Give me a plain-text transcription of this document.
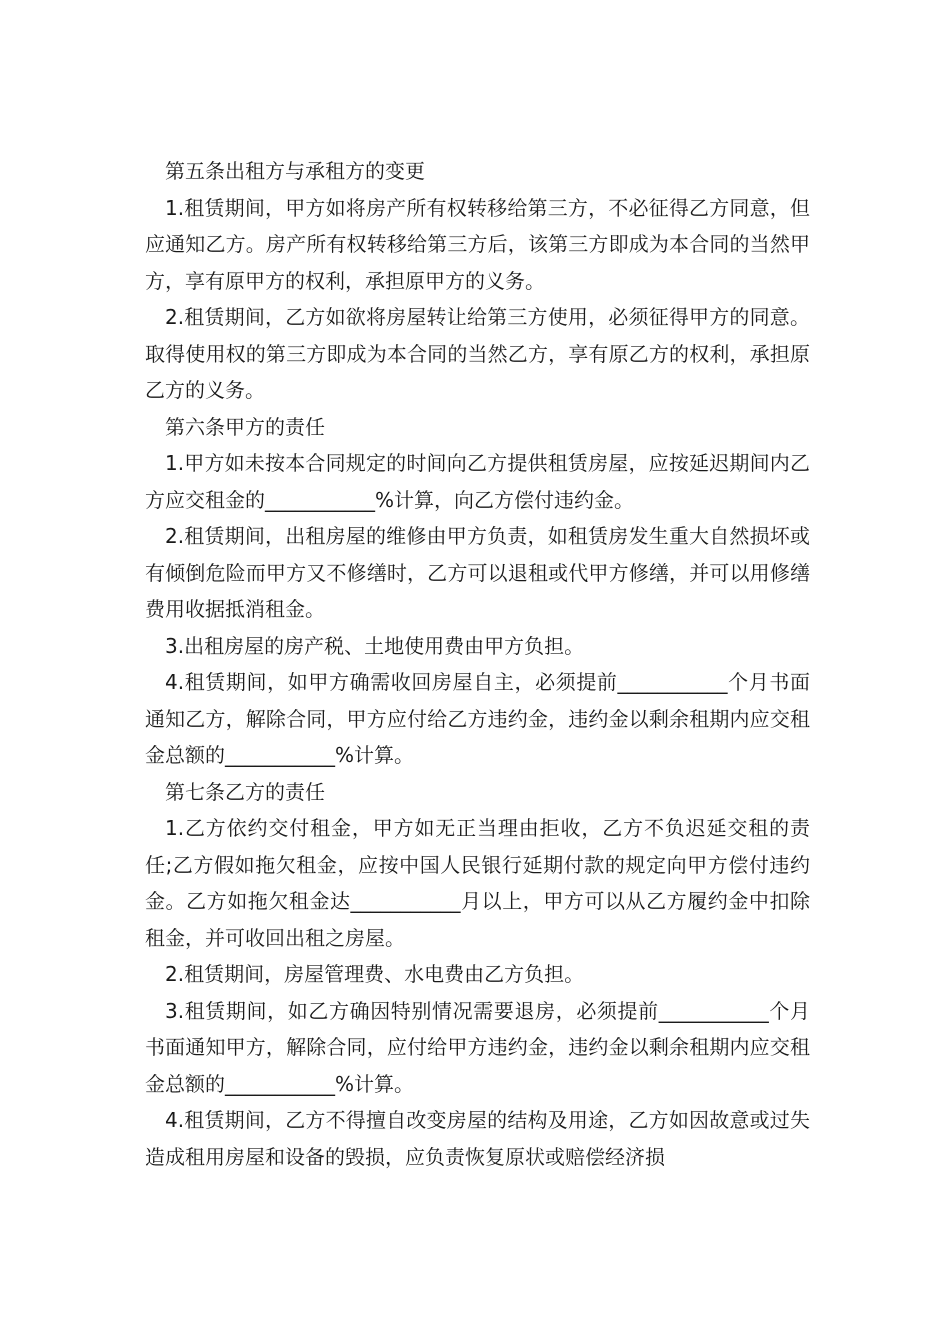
第五条出租方与承租方的变更

1.租赁期间，甲方如将房产所有权转移给第三方，不必征得乙方同意，但应通知乙方。房产所有权转移给第三方后，该第三方即成为本合同的当然甲方，享有原甲方的权利，承担原甲方的义务。

2.租赁期间，乙方如欲将房屋转让给第三方使用，必须征得甲方的同意。取得使用权的第三方即成为本合同的当然乙方，享有原乙方的权利，承担原乙方的义务。

第六条甲方的责任

1.甲方如未按本合同规定的时间向乙方提供租赁房屋，应按延迟期间内乙方应交租金的___________%计算，向乙方偿付违约金。

2.租赁期间，出租房屋的维修由甲方负责，如租赁房发生重大自然损坏或有倾倒危险而甲方又不修缮时，乙方可以退租或代甲方修缮，并可以用修缮费用收据抵消租金。

3.出租房屋的房产税、土地使用费由甲方负担。

4.租赁期间，如甲方确需收回房屋自主，必须提前___________个月书面通知乙方，解除合同，甲方应付给乙方违约金，违约金以剩余租期内应交租金总额的___________%计算。

第七条乙方的责任

1.乙方依约交付租金，甲方如无正当理由拒收，乙方不负迟延交租的责任;乙方假如拖欠租金，应按中国人民银行延期付款的规定向甲方偿付违约金。乙方如拖欠租金达___________月以上，甲方可以从乙方履约金中扣除租金，并可收回出租之房屋。

2.租赁期间，房屋管理费、水电费由乙方负担。

3.租赁期间，如乙方确因特别情况需要退房，必须提前___________个月书面通知甲方，解除合同，应付给甲方违约金，违约金以剩余租期内应交租金总额的___________%计算。

4.租赁期间，乙方不得擅自改变房屋的结构及用途，乙方如因故意或过失造成租用房屋和设备的毁损，应负责恢复原状或赔偿经济损
